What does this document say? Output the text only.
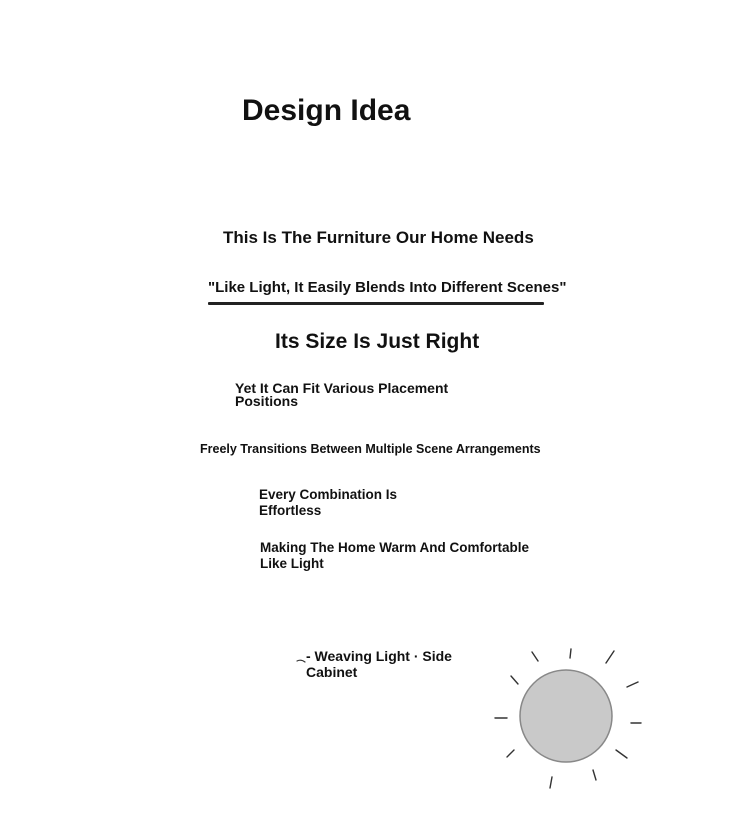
Design Idea

This Is The Furniture Our Home Needs

"Like Light, It Easily Blends Into Different Scenes"

Its Size Is Just Right

Yet It Can Fit Various Placement Positions

Freely Transitions Between Multiple Scene Arrangements

Every Combination Is Effortless

Making The Home Warm And Comfortable Like Light

- Weaving Light · Side Cabinet
